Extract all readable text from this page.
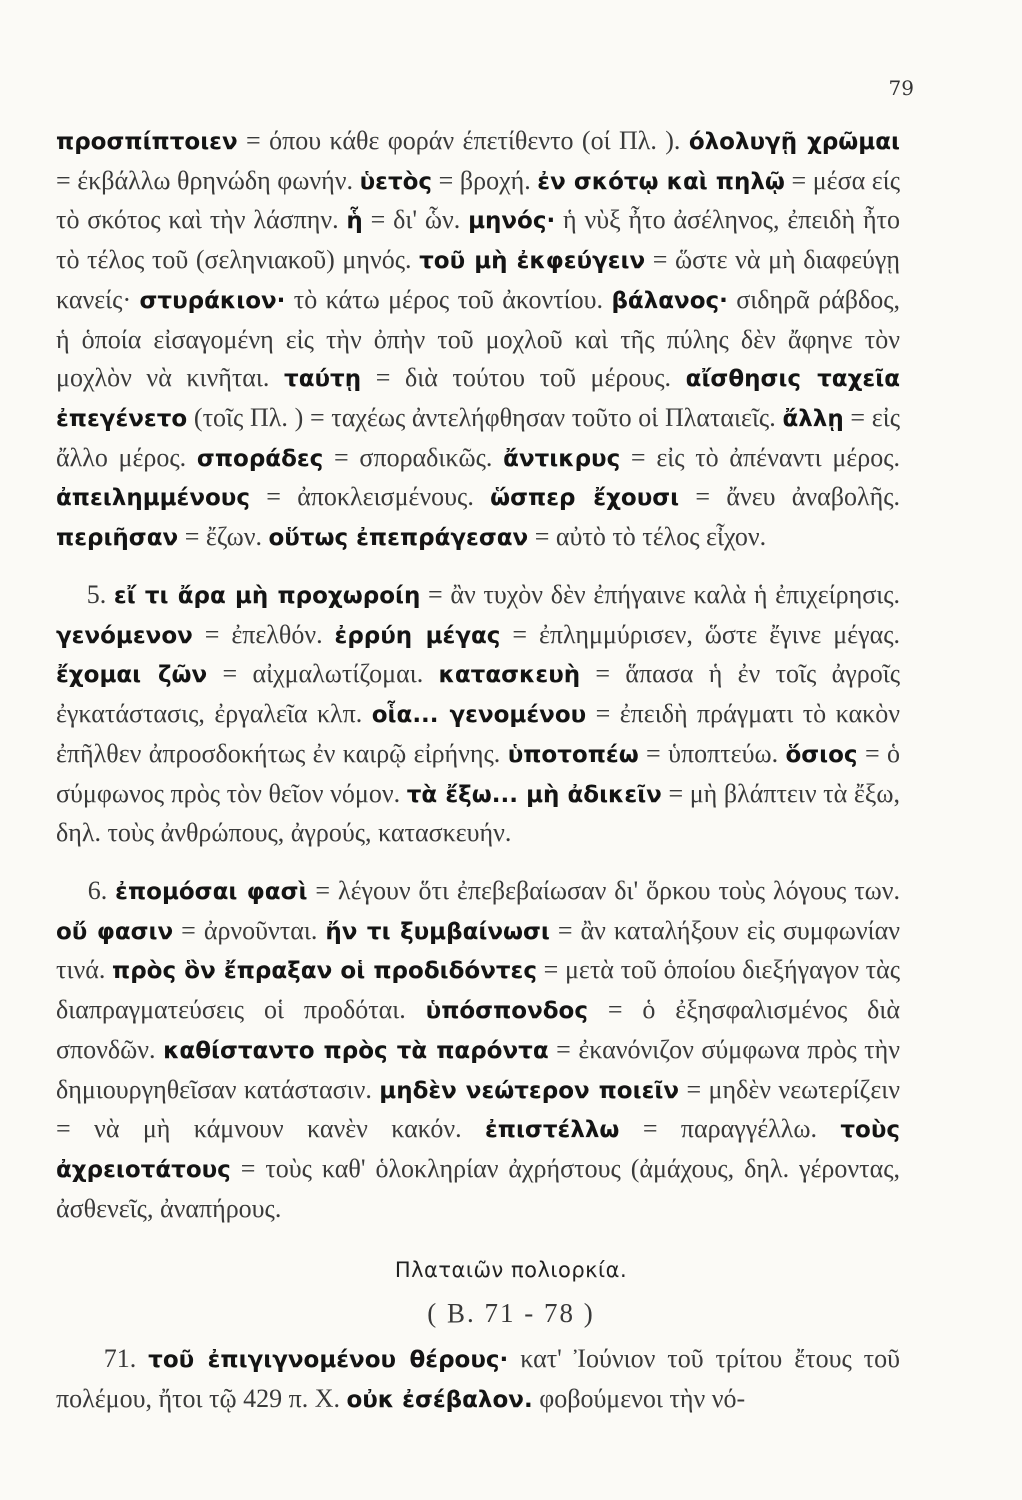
79
προσπίπτοιεν = όπου κάθε φοράν έπετίθεντο (οί Πλ. ). όλολυγῇ χρῶμαι = έκβάλλω θρηνώδη φωνήν. ὑετὸς = βροχή. ἐν σκότῳ καὶ πηλῷ = μέσα είς τὸ σκότος καὶ τὴν λάσπην. ἧ = δι' ὧν. μηνός· ἡ νὺξ ἦτο ἀσέληνος, ἐπειδὴ ἦτο τὸ τέλος τοῦ (σεληνιακοῦ) μηνός. τοῦ μὴ ἐκφεύγειν = ὥστε νὰ μὴ διαφεύγῃ κανείς· στυράκιον· τὸ κάτω μέρος τοῦ ἀκοντίου. βάλανος· σιδηρᾶ ράβδος, ἡ ὁποία εἰσαγομένη εἰς τὴν ὀπὴν τοῦ μοχλοῦ καὶ τῆς πύλης δὲν ἄφηνε τὸν μοχλὸν νὰ κινῆται. ταύτῃ = διὰ τούτου τοῦ μέρους. αἴσθησις ταχεῖα ἐπεγένετο (τοῖς Πλ. ) = ταχέως ἀντελήφθησαν τοῦτο οἱ Πλαταιεῖς. ἄλλῃ = εἰς ἄλλο μέρος. σποράδες = σποραδικῶς. ἄντικρυς = εἰς τὸ ἀπέναντι μέρος. ἀπειλημμένους = ἀποκλεισμένους. ὥσπερ ἔχουσι = ἄνευ ἀναβολῆς. περιῆσαν = ἔζων. οὕτως ἐπεπράγεσαν = αὐτὸ τὸ τέλος εἶχον.
5. εἴ τι ἄρα μὴ προχωροίη = ἂν τυχὸν δὲν ἐπήγαινε καλὰ ἡ ἐπιχείρησις. γενόμενον = ἐπελθόν. ἐρρύη μέγας = ἐπλημμύρισεν, ὥστε ἔγινε μέγας. ἔχομαι ζῶν = αἰχμαλωτίζομαι. κατασκευὴ = ἅπασα ἡ ἐν τοῖς ἀγροῖς ἐγκατάστασις, ἐργαλεῖα κλπ. οἷα... γενομένου = ἐπειδὴ πράγματι τὸ κακὸν ἐπῆλθεν ἀπροσδοκήτως ἐν καιρῷ εἰρήνης. ὑποτοπέω = ὑποπτεύω. ὅσιος = ὁ σύμφωνος πρὸς τὸν θεῖον νόμον. τὰ ἔξω... μὴ ἀδικεῖν = μὴ βλάπτειν τὰ ἔξω, δηλ. τοὺς ἀνθρώπους, ἀγρούς, κατασκευήν.
6. ἐπομόσαι φασὶ = λέγουν ὅτι ἐπεβεβαίωσαν δι' ὅρκου τοὺς λόγους των. οὔ φασιν = ἀρνοῦνται. ἤν τι ξυμβαίνωσι = ἂν καταλήξουν εἰς συμφωνίαν τινά. πρὸς ὃν ἔπραξαν οἱ προδιδόντες = μετὰ τοῦ ὁποίου διεξήγαγον τὰς διαπραγματεύσεις οἱ προδόται. ὑπόσπονδος = ὁ ἐξησφαλισμένος διὰ σπονδῶν. καθίσταντο πρὸς τὰ παρόντα = ἐκανόνιζον σύμφωνα πρὸς τὴν δημιουργηθεῖσαν κατάστασιν. μηδὲν νεώτερον ποιεῖν = μηδὲν νεωτερίζειν = νὰ μὴ κάμνουν κανὲν κακόν. ἐπιστέλλω = παραγγέλλω. τοὺς ἀχρειοτάτους = τοὺς καθ' ὁλοκληρίαν ἀχρήστους (ἀμάχους, δηλ. γέροντας, ἀσθενεῖς, ἀναπήρους.
Πλαταιῶν πολιορκία.
( Β. 71 - 78 )
71. τοῦ ἐπιγιγνομένου θέρους· κατ' Ἰούνιον τοῦ τρίτου ἔτους τοῦ πολέμου, ἤτοι τῷ 429 π. Χ. οὐκ ἐσέβαλον. φοβούμενοι τὴν νό-
